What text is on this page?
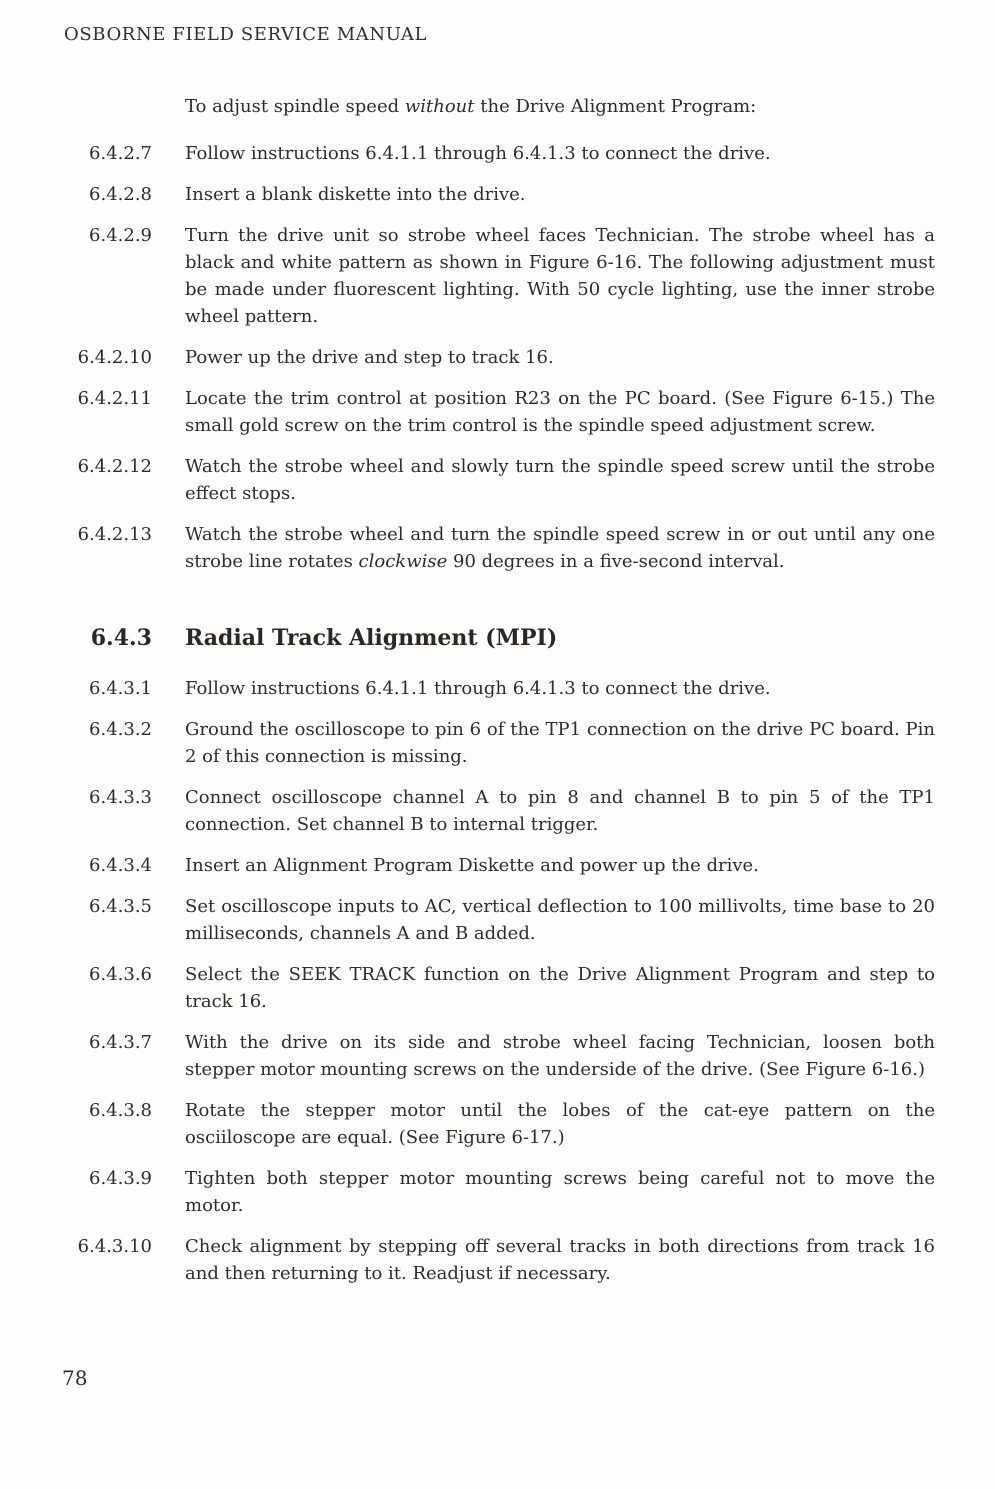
OSBORNE FIELD SERVICE MANUAL

To adjust spindle speed without the Drive Alignment Program:

6.4.2.7 Follow instructions 6.4.1.1 through 6.4.1.3 to connect the drive.
6.4.2.8 Insert a blank diskette into the drive.
6.4.2.9 Turn the drive unit so strobe wheel faces Technician. The strobe wheel has a black and white pattern as shown in Figure 6-16. The following adjustment must be made under fluorescent lighting. With 50 cycle lighting, use the inner strobe wheel pattern.
6.4.2.10 Power up the drive and step to track 16.
6.4.2.11 Locate the trim control at position R23 on the PC board. (See Figure 6-15.) The small gold screw on the trim control is the spindle speed adjustment screw.
6.4.2.12 Watch the strobe wheel and slowly turn the spindle speed screw until the strobe effect stops.
6.4.2.13 Watch the strobe wheel and turn the spindle speed screw in or out until any one strobe line rotates clockwise 90 degrees in a five-second interval.
6.4.3 Radial Track Alignment (MPI)
6.4.3.1 Follow instructions 6.4.1.1 through 6.4.1.3 to connect the drive.
6.4.3.2 Ground the oscilloscope to pin 6 of the TP1 connection on the drive PC board. Pin 2 of this connection is missing.
6.4.3.3 Connect oscilloscope channel A to pin 8 and channel B to pin 5 of the TP1 connection. Set channel B to internal trigger.
6.4.3.4 Insert an Alignment Program Diskette and power up the drive.
6.4.3.5 Set oscilloscope inputs to AC, vertical deflection to 100 millivolts, time base to 20 milliseconds, channels A and B added.
6.4.3.6 Select the SEEK TRACK function on the Drive Alignment Program and step to track 16.
6.4.3.7 With the drive on its side and strobe wheel facing Technician, loosen both stepper motor mounting screws on the underside of the drive. (See Figure 6-16.)
6.4.3.8 Rotate the stepper motor until the lobes of the cat-eye pattern on the osciiloscope are equal. (See Figure 6-17.)
6.4.3.9 Tighten both stepper motor mounting screws being careful not to move the motor.
6.4.3.10 Check alignment by stepping off several tracks in both directions from track 16 and then returning to it. Readjust if necessary.
78
